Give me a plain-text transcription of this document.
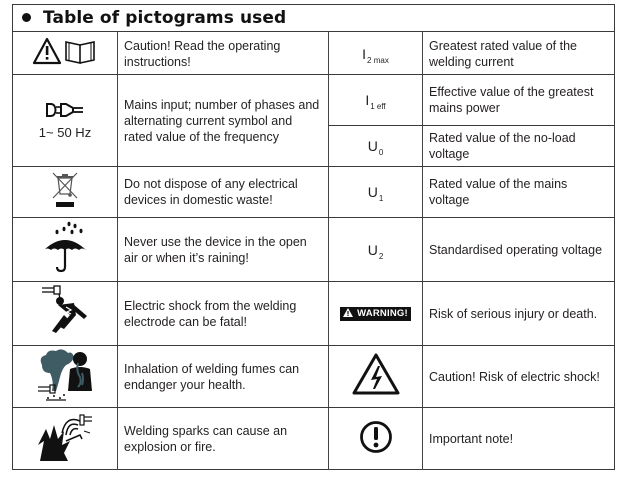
Table of pictograms used
Caution! Read the operating instructions!
1~ 50 Hz
Mains input; number of phases and alternating current symbol and rated value of the frequency
Do not dispose of any electrical devices in domestic waste!
Never use the device in the open air or when it’s raining!
Electric shock from the welding electrode can be fatal!
Inhalation of welding fumes can endanger your health.
Welding sparks can cause an explosion or fire.
I 2 max
Greatest rated value of the welding current
I 1 eff
Effective value of the greatest mains power
U 0
Rated value of the no-load voltage
U 1
Rated value of the mains voltage
U 2	Standardised operating voltage
WARNING!	Risk of serious injury or death.
Caution! Risk of electric shock!
Important note!
